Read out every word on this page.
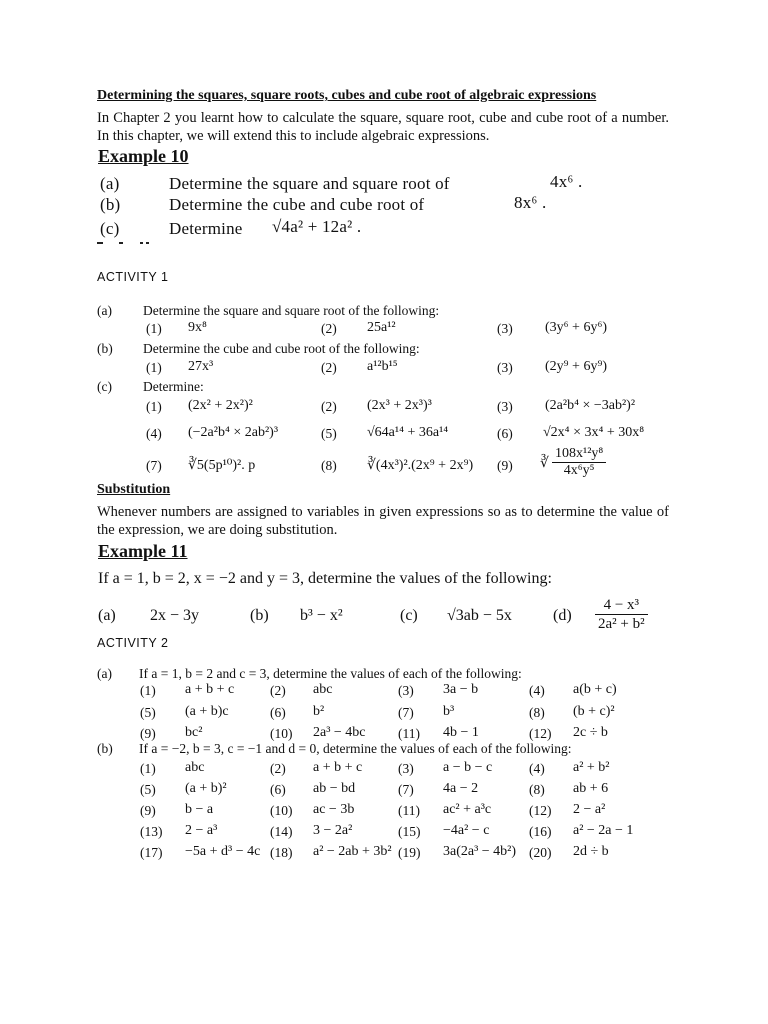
Determining the squares, square roots, cubes and cube root of algebraic expressions
In Chapter 2 you learnt how to calculate the square, square root, cube and cube root of a number. In this chapter, we will extend this to include algebraic expressions.
Example 10
(a)	Determine the square and square root of	4x⁶ .
(b)	Determine the cube and cube root of	8x⁶ .
(c)	Determine √4a² + 12a² .
ACTIVITY 1
(a) Determine the square and square root of the following:
(1) 9x⁸	(2) 25a¹²	(3) (3y⁶ + 6y⁶)
(b) Determine the cube and cube root of the following:
(1) 27x³	(2) a¹²b¹⁵	(3) (2y⁹ + 6y⁹)
(c) Determine:
(1) (2x² + 2x²)²	(2) (2x³ + 2x³)³	(3) (2a²b⁴ × −3ab²)²
(4) (−2a²b⁴ × 2ab²)³	(5) √64a¹⁴ + 36a¹⁴	(6) √2x⁴ × 3x⁴ + 30x⁸
(7) ∛5(5p¹⁰)². p	(8) ∛(4x³)².(2x⁹ + 2x⁹) (9) ∛ $\frac{\text{108x¹²y⁸}}{\text{4x⁶y⁵}}$
Substitution
Whenever numbers are assigned to variables in given expressions so as to determine the value of the expression, we are doing substitution.
Example 11
If a = 1, b = 2, x = −2 and y = 3, determine the values of the following:
(a) 2x − 3y	(b) b³ − x²	(c) √3ab − 5x	$(d) \frac{\text{4 − x³}}{\text{2a² + b²}}$
ACTIVITY 2
(a) If a = 1, b = 2 and c = 3, determine the values of each of the following:
(b) If a = −2, b = 3, c = −1 and d = 0, determine the values of each of the following:
(1) a + b + c	(2) abc	(3) 3a − b	(4) a(b + c)
(5) (a + b)c	(6) b²	(7) b³	(8) (b + c)²
(9) bc²	(10) 2a³ − 4bc (11) 4b − 1	(12) 2c ÷ b
(1) abc	(2) a + b + c	(3) a − b − c	(4) a² + b²
(5) (a + b)²	(6) ab − bd	(7) 4a − 2	(8) ab + 6
(9) b − a	(10) ac − 3b	(11) ac² + a³c	(12) 2 − a²
(13) 2 − a³	(14) 3 − 2a²	(15) −4a² − c	(16) a² − 2a − 1
(17) −5a + d³ − 4c (18) a² − 2ab + 3b² (19) 3a(2a³ − 4b²) (20) 2d ÷ b
